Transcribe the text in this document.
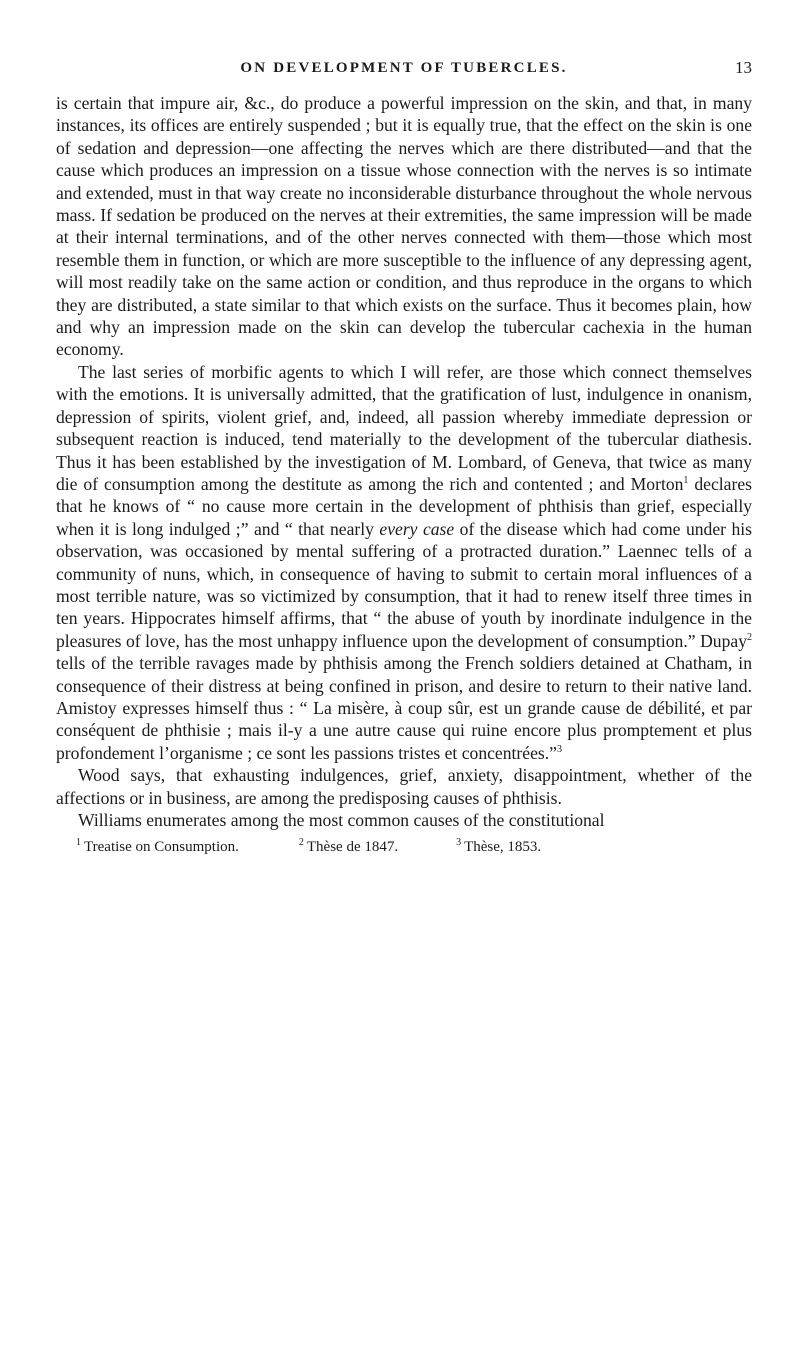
ON DEVELOPMENT OF TUBERCLES.	13

is certain that impure air, &c., do produce a powerful impression on the skin, and that, in many instances, its offices are entirely suspended ; but it is equally true, that the effect on the skin is one of sedation and depression—one affecting the nerves which are there distributed—and that the cause which produces an impression on a tissue whose connection with the nerves is so intimate and extended, must in that way create no inconsiderable disturbance throughout the whole nervous mass. If sedation be produced on the nerves at their extremities, the same impression will be made at their internal terminations, and of the other nerves connected with them—those which most resemble them in function, or which are more susceptible to the influence of any depressing agent, will most readily take on the same action or condition, and thus reproduce in the organs to which they are distributed, a state similar to that which exists on the surface. Thus it becomes plain, how and why an impression made on the skin can develop the tubercular cachexia in the human economy.

The last series of morbific agents to which I will refer, are those which connect themselves with the emotions. It is universally admitted, that the gratification of lust, indulgence in onanism, depression of spirits, violent grief, and, indeed, all passion whereby immediate depression or subsequent reaction is induced, tend materially to the development of the tubercular diathesis. Thus it has been established by the investigation of M. Lombard, of Geneva, that twice as many die of consumption among the destitute as among the rich and contented ; and Morton$^1$ declares that he knows of “ no cause more certain in the development of phthisis than grief, especially when it is long indulged ;” and “ that nearly every case of the disease which had come under his observation, was occasioned by mental suffering of a protracted duration.” Laennec tells of a community of nuns, which, in consequence of having to submit to certain moral influences of a most terrible nature, was so victimized by consumption, that it had to renew itself three times in ten years. Hippocrates himself affirms, that “ the abuse of youth by inordinate indulgence in the pleasures of love, has the most unhappy influence upon the development of consumption.” Dupay$^2$ tells of the terrible ravages made by phthisis among the French soldiers detained at Chatham, in consequence of their distress at being confined in prison, and desire to return to their native land. Amistoy expresses himself thus : “ La misère, à coup sûr, est un grande cause de débilité, et par conséquent de phthisie ; mais il-y a une autre cause qui ruine encore plus promptement et plus profondement l’organisme ; ce sont les passions tristes et concentrées.”$^3$

Wood says, that exhausting indulgences, grief, anxiety, disappointment, whether of the affections or in business, are among the predisposing causes of phthisis.

Williams enumerates among the most common causes of the constitutional

$^1$ Treatise on Consumption.	$^2$ Thèse de 1847.	$^3$ Thèse, 1853.
